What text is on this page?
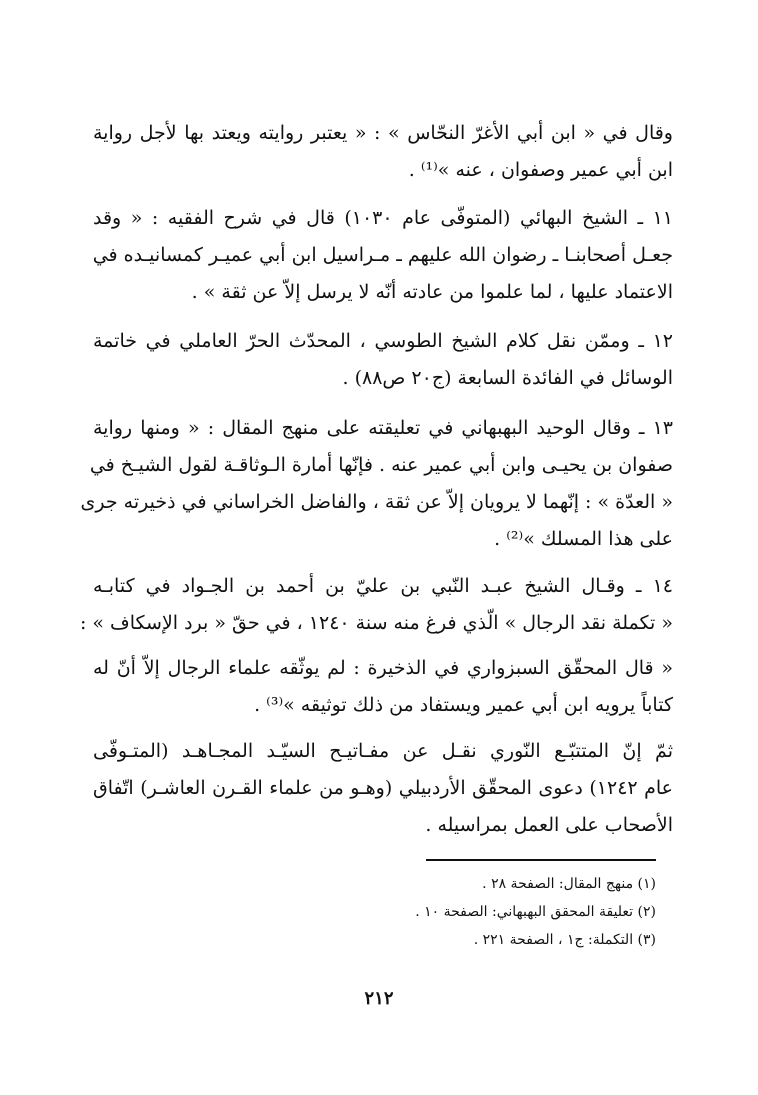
وقال في « ابن أبي الأغرّ النحّاس » : « يعتبر روايته ويعتد بها لأجل رواية
ابن أبي عمير وصفوان ، عنه »⁽¹⁾ .
١١ ـ الشيخ البهائي (المتوفّى عام ١٠٣٠) قال في شرح الفقيه : « وقد
جعـل أصحابنـا ـ رضوان الله عليهم ـ مـراسيل ابن أبي عميـر كمسانيـده في
الاعتماد عليها ، لما علموا من عادته أنّه لا يرسل إلاّ عن ثقة » .
١٢ ـ وممّن نقل كلام الشيخ الطوسي ، المحدّث الحرّ العاملي في خاتمة
الوسائل في الفائدة السابعة (ج٢٠ ص٨٨) .
١٣ ـ وقال الوحيد البهبهاني في تعليقته على منهج المقال : « ومنها رواية
صفوان بن يحيـى وابن أبي عمير عنه . فإنّها أمارة الـوثاقـة لقول الشيـخ في
« العدّة » : إنّهما لا يرويان إلاّ عن ثقة ، والفاضل الخراساني في ذخيرته جرى
على هذا المسلك »⁽²⁾ .
١٤ ـ وقـال الشيخ عبـد النّبي بن عليّ بن أحمد بن الجـواد في كتابـه
« تكملة نقد الرجال » الّذي فرغ منه سنة ١٢٤٠ ، في حقّ « برد الإسكاف » :
« قال المحقّق السبزواري في الذخيرة : لم يوثّقه علماء الرجال إلاّ أنّ له
كتاباً يرويه ابن أبي عمير ويستفاد من ذلك توثيقه »⁽³⁾ .
ثمّ إنّ المتتبّـع النّوري نقـل عن مفـاتيـح السيّـد المجـاهـد (المتـوفّى
عام ١٢٤٢) دعوى المحقّق الأردبيلي (وهـو من علماء القـرن العاشـر) اتّفاق
الأصحاب على العمل بمراسيله .
(١) منهج المقال: الصفحة ٢٨ .
(٢) تعليقة المحقق البهبهاني: الصفحة ١٠ .
(٣) التكملة: ج١ ، الصفحة ٢٢١ .
٢١٢
